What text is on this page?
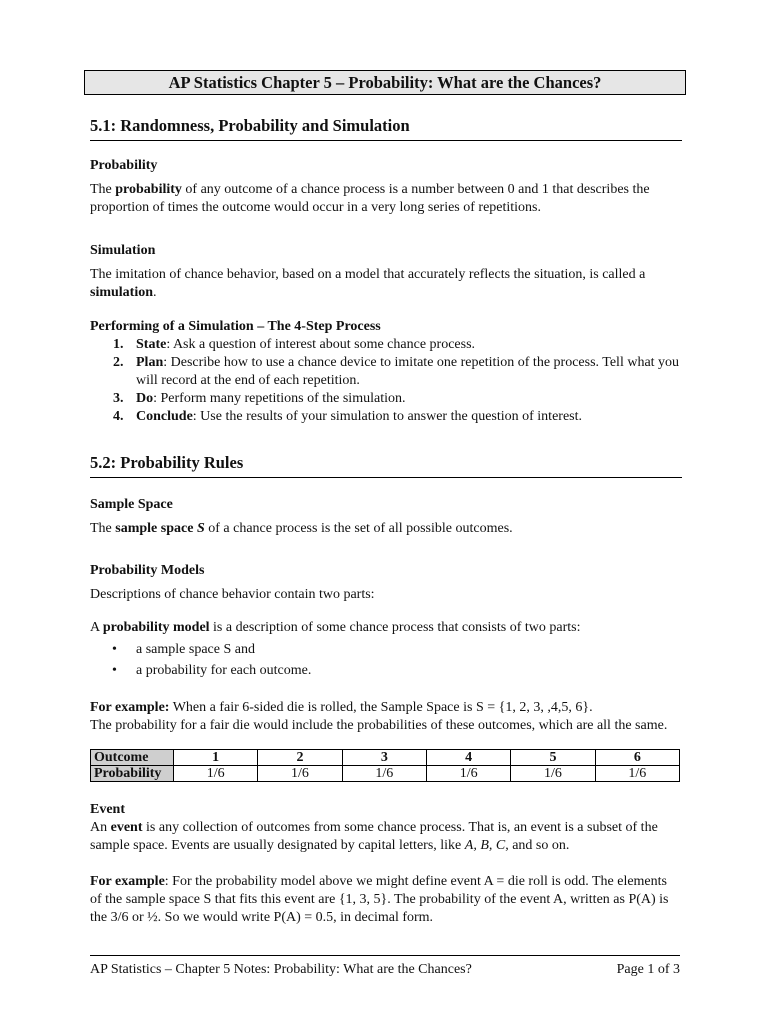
AP Statistics Chapter 5 – Probability: What are the Chances?
5.1: Randomness, Probability and Simulation
Probability

The probability of any outcome of a chance process is a number between 0 and 1 that describes the proportion of times the outcome would occur in a very long series of repetitions.

Simulation

The imitation of chance behavior, based on a model that accurately reflects the situation, is called a simulation.

Performing of a Simulation – The 4-Step Process
1. State: Ask a question of interest about some chance process.
2. Plan: Describe how to use a chance device to imitate one repetition of the process. Tell what you will record at the end of each repetition.
3. Do: Perform many repetitions of the simulation.
4. Conclude: Use the results of your simulation to answer the question of interest.
5.2: Probability Rules
Sample Space

The sample space S of a chance process is the set of all possible outcomes.

Probability Models

Descriptions of chance behavior contain two parts:

A probability model is a description of some chance process that consists of two parts:

• a sample space S and
• a probability for each outcome.

For example: When a fair 6-sided die is rolled, the Sample Space is S = {1, 2, 3, ,4,5, 6}.
The probability for a fair die would include the probabilities of these outcomes, which are all the same.

Outcome	1	2	3	4	5	6
Probability	1/6	1/6	1/6	1/6	1/6	1/6
Event

An event is any collection of outcomes from some chance process. That is, an event is a subset of the sample space. Events are usually designated by capital letters, like A, B, C, and so on.

For example: For the probability model above we might define event A = die roll is odd. The elements of the sample space S that fits this event are {1, 3, 5}. The probability of the event A, written as P(A) is the 3/6 or ½. So we would write P(A) = 0.5, in decimal form.

AP Statistics – Chapter 5 Notes: Probability: What are the Chances?	Page 1 of 3
